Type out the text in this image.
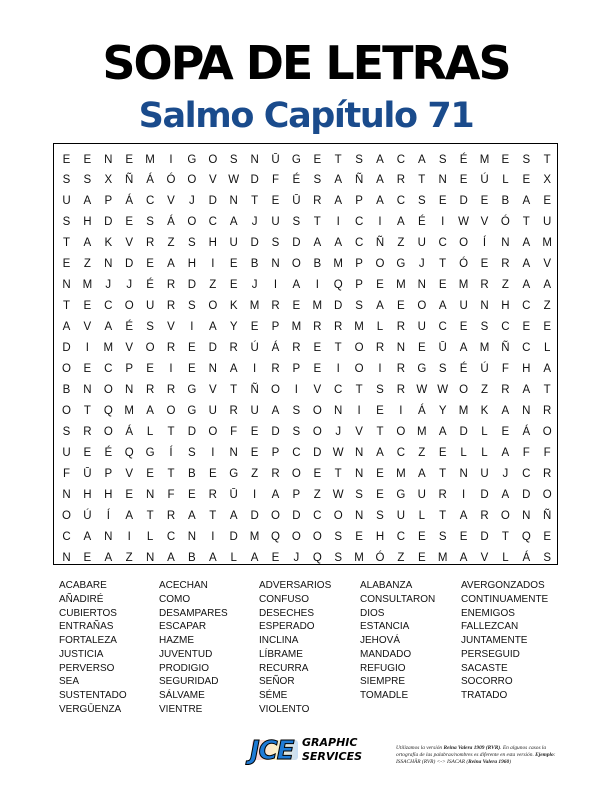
SOPA DE LETRAS
Salmo Capítulo 71
E	E	N	E	M	I	G	O	S	N	Ū	G	E	T	S	A	C	A	S	É	M	E	S	T
S	S	X	Ñ	Á	Ó	O	V	W D	F	É	S	A	Ñ	A	R	T	N	E	Ú	L	E	X
U	A	P	Á	C	V	J	D	N	T	E	Ū	R	A	P	A	C	S	E	D	E	B	A	E
S	H	D	E	S	Á	O	C	A	J	U	S	T	I	C	I	A	É	I	W	V	Ó	T	U
T	A	K	V	R	Z	S	H	U	D	S	D	A	A	C	Ñ	Z	U	C	O	Í	N	A	M
E	Z	N	D	E	A	H	I	E	B	N	O	B	M	P	O	G	J	T	Ó	E	R	A	V
N	M	J	J	É	R	D	Z	E	J	I	A	I	Q	P	E	M	N	E	M	R	Z	A	A
T	E	C	O	U	R	S	O	K	M	R	E	M	D	S	A	E	O	A	U	N	H	C	Z
A	V	A	É	S	V	I	A	Y	E	P	M	R	R	M	L	R	U	C	E	S	C	E	E
D	I	M	V	O	R	E	D	R	Ú	Á	R	E	T	O	R	N	E	Ū	A	M	Ñ	C	L
O	E	C	P	E	I	E	N	A	I	R	P	E	I	O	I	R	G	S	É	Ú	F	H	A
B	N	O	N	R	R	G	V	T	Ñ	O	I	V	C	T	S	R W W O	Z	R	A	T
O	T	Q	M	A	O	G	U	R	U	A	S	O	N	I	E	I	Á	Y	M	K	A	N	R
S	R	O	Á	L	T	D	O	F	E	D	S	O	J	V	T	O	M	A	D	L	E	Á	O
U	E	É	Q	G	Í	S	I	N	E	P	C	D W N	A	C	Z	E	L	L	A	F	F
F	Ū	P	V	E	T	B	E	G	Z	R	O	E	T	N	E	M	A	T	N	U	J	C	R
N	H	H	E	N	F	E	R	Ū	I	A	P	Z	W	S	E	G	U	R	I	D	A	D	O
O	Ú	Í	A	T	R	A	T	A	D	O	D	C	O	N	S	U	L	T	A	R	O	N	Ñ
C	A	N	I	L	C	N	I	D	M	Q	O	O	S	E	H	C	E	S	E	D	T	Q	E
N	E	A	Z	N	A	B	A	L	A	E	J	Q	S	M	Ó	Z	E	M	A	V	L	Á	S
ACABARE	ACECHAN	ADVERSARIOS	ALABANZA	AVERGONZADOS
AÑADIRÉ	COMO	CONFUSO	CONSULTARON	CONTINUAMENTE
CUBIERTOS	DESAMPARES	DESECHES	DIOS	ENEMIGOS
ENTRAÑAS	ESCAPAR	ESPERADO	ESTANCIA	FALLEZCAN
FORTALEZA	HAZME	INCLINA	JEHOVÁ	JUNTAMENTE
JUSTICIA	JUVENTUD	LÍBRAME	MANDADO	PERSEGUID
PERVERSO	PRODIGIO	RECURRA	REFUGIO	SACASTE
SEA	SEGURIDAD	SEÑOR	SIEMPRE	SOCORRO
SUSTENTADO	SÁLVAME	SÉME	TOMADLE	TRATADO
VERGŪENZA	VIENTRE	VIOLENTO
JCE GRAPHIC
SERVICES
Utilizamos la versión Reina Valera 1909 (RVR). En algunos casos la ortografía de las palabras/nombres es diferente en esta versión. Ejemplo: ISSACHÂR (RVR) <-> ISACAR (Reina Valera 1960)
